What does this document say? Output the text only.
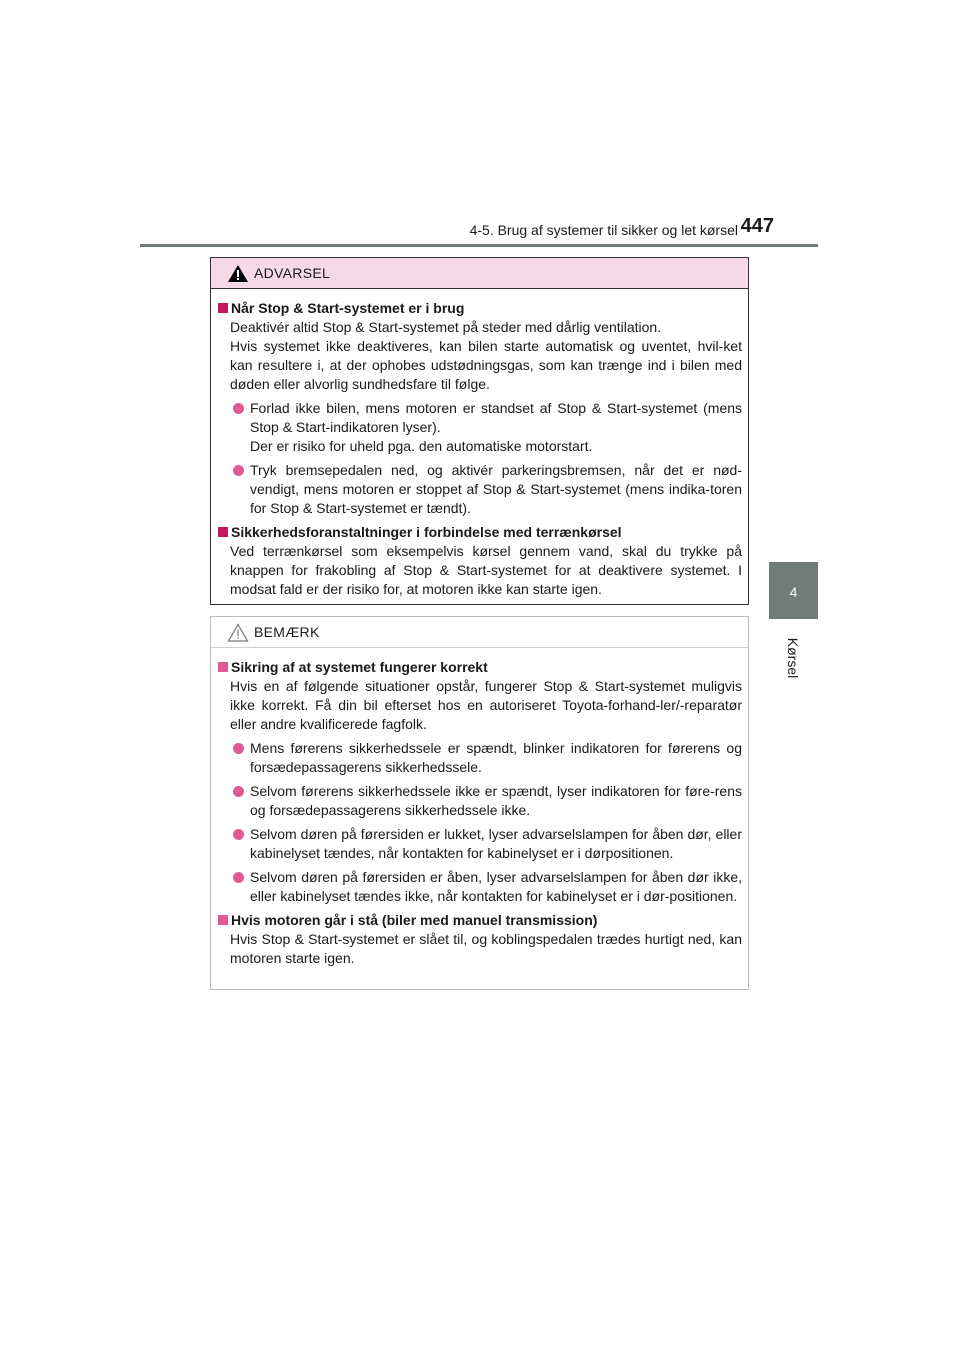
4-5. Brug af systemer til sikker og let kørsel 447
4
Kørsel
ADVARSEL
Når Stop & Start-systemet er i brug
Deaktivér altid Stop & Start-systemet på steder med dårlig ventilation.
Hvis systemet ikke deaktiveres, kan bilen starte automatisk og uventet, hvil-ket kan resultere i, at der ophobes udstødningsgas, som kan trænge ind i bilen med døden eller alvorlig sundhedsfare til følge.
Forlad ikke bilen, mens motoren er standset af Stop & Start-systemet (mens Stop & Start-indikatoren lyser).
Der er risiko for uheld pga. den automatiske motorstart.
Tryk bremsepedalen ned, og aktivér parkeringsbremsen, når det er nød-vendigt, mens motoren er stoppet af Stop & Start-systemet (mens indika-toren for Stop & Start-systemet er tændt).
Sikkerhedsforanstaltninger i forbindelse med terrænkørsel
Ved terrænkørsel som eksempelvis kørsel gennem vand, skal du trykke på knappen for frakobling af Stop & Start-systemet for at deaktivere systemet. I modsat fald er der risiko for, at motoren ikke kan starte igen.
BEMÆRK
Sikring af at systemet fungerer korrekt
Hvis en af følgende situationer opstår, fungerer Stop & Start-systemet muligvis ikke korrekt. Få din bil efterset hos en autoriseret Toyota-forhand-ler/-reparatør eller andre kvalificerede fagfolk.
Mens førerens sikkerhedssele er spændt, blinker indikatoren for førerens og forsædepassagerens sikkerhedssele.
Selvom førerens sikkerhedssele ikke er spændt, lyser indikatoren for føre-rens og forsædepassagerens sikkerhedssele ikke.
Selvom døren på førersiden er lukket, lyser advarselslampen for åben dør, eller kabinelyset tændes, når kontakten for kabinelyset er i dørpositionen.
Selvom døren på førersiden er åben, lyser advarselslampen for åben dør ikke, eller kabinelyset tændes ikke, når kontakten for kabinelyset er i dør-positionen.
Hvis motoren går i stå (biler med manuel transmission)
Hvis Stop & Start-systemet er slået til, og koblingspedalen trædes hurtigt ned, kan motoren starte igen.
